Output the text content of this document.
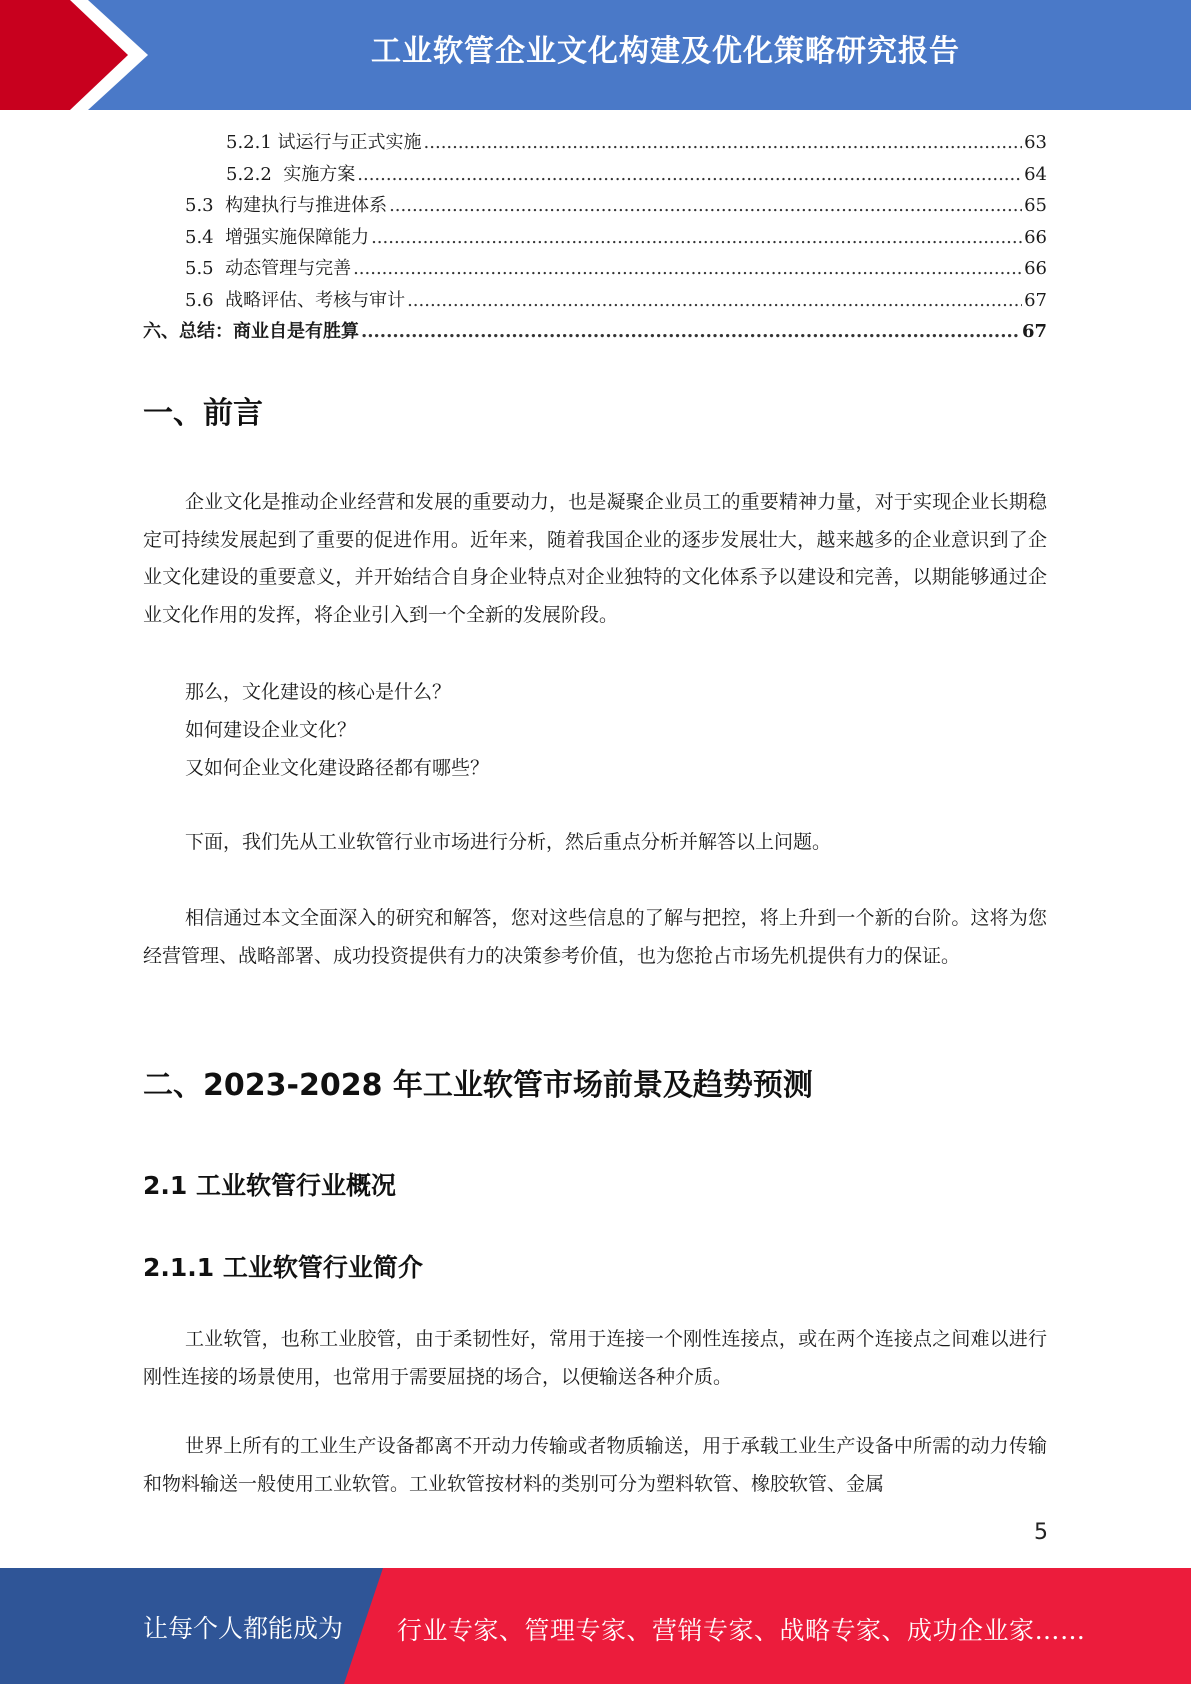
工业软管企业文化构建及优化策略研究报告
5.2.1 试运行与正式实施 .....	63
5.2.2  实施方案 .....	64
5.3  构建执行与推进体系 .....	65
5.4  增强实施保障能力 .....	66
5.5  动态管理与完善 .....	66
5.6  战略评估、考核与审计 .....	67
六、总结：商业自是有胜算 .....	67
一、前言
企业文化是推动企业经营和发展的重要动力，也是凝聚企业员工的重要精神力量，对于实现企业长期稳定可持续发展起到了重要的促进作用。近年来，随着我国企业的逐步发展壮大，越来越多的企业意识到了企业文化建设的重要意义，并开始结合自身企业特点对企业独特的文化体系予以建设和完善，以期能够通过企业文化作用的发挥，将企业引入到一个全新的发展阶段。
那么，文化建设的核心是什么？
如何建设企业文化？
又如何企业文化建设路径都有哪些？
下面，我们先从工业软管行业市场进行分析，然后重点分析并解答以上问题。
相信通过本文全面深入的研究和解答，您对这些信息的了解与把控，将上升到一个新的台阶。这将为您经营管理、战略部署、成功投资提供有力的决策参考价值，也为您抢占市场先机提供有力的保证。
二、2023-2028 年工业软管市场前景及趋势预测
2.1 工业软管行业概况
2.1.1 工业软管行业简介
工业软管，也称工业胶管，由于柔韧性好，常用于连接一个刚性连接点，或在两个连接点之间难以进行刚性连接的场景使用，也常用于需要屈挠的场合，以便输送各种介质。
世界上所有的工业生产设备都离不开动力传输或者物质输送，用于承载工业生产设备中所需的动力传输和物料输送一般使用工业软管。工业软管按材料的类别可分为塑料软管、橡胶软管、金属
5
让每个人都能成为 行业专家、管理专家、营销专家、战略专家、成功企业家……
